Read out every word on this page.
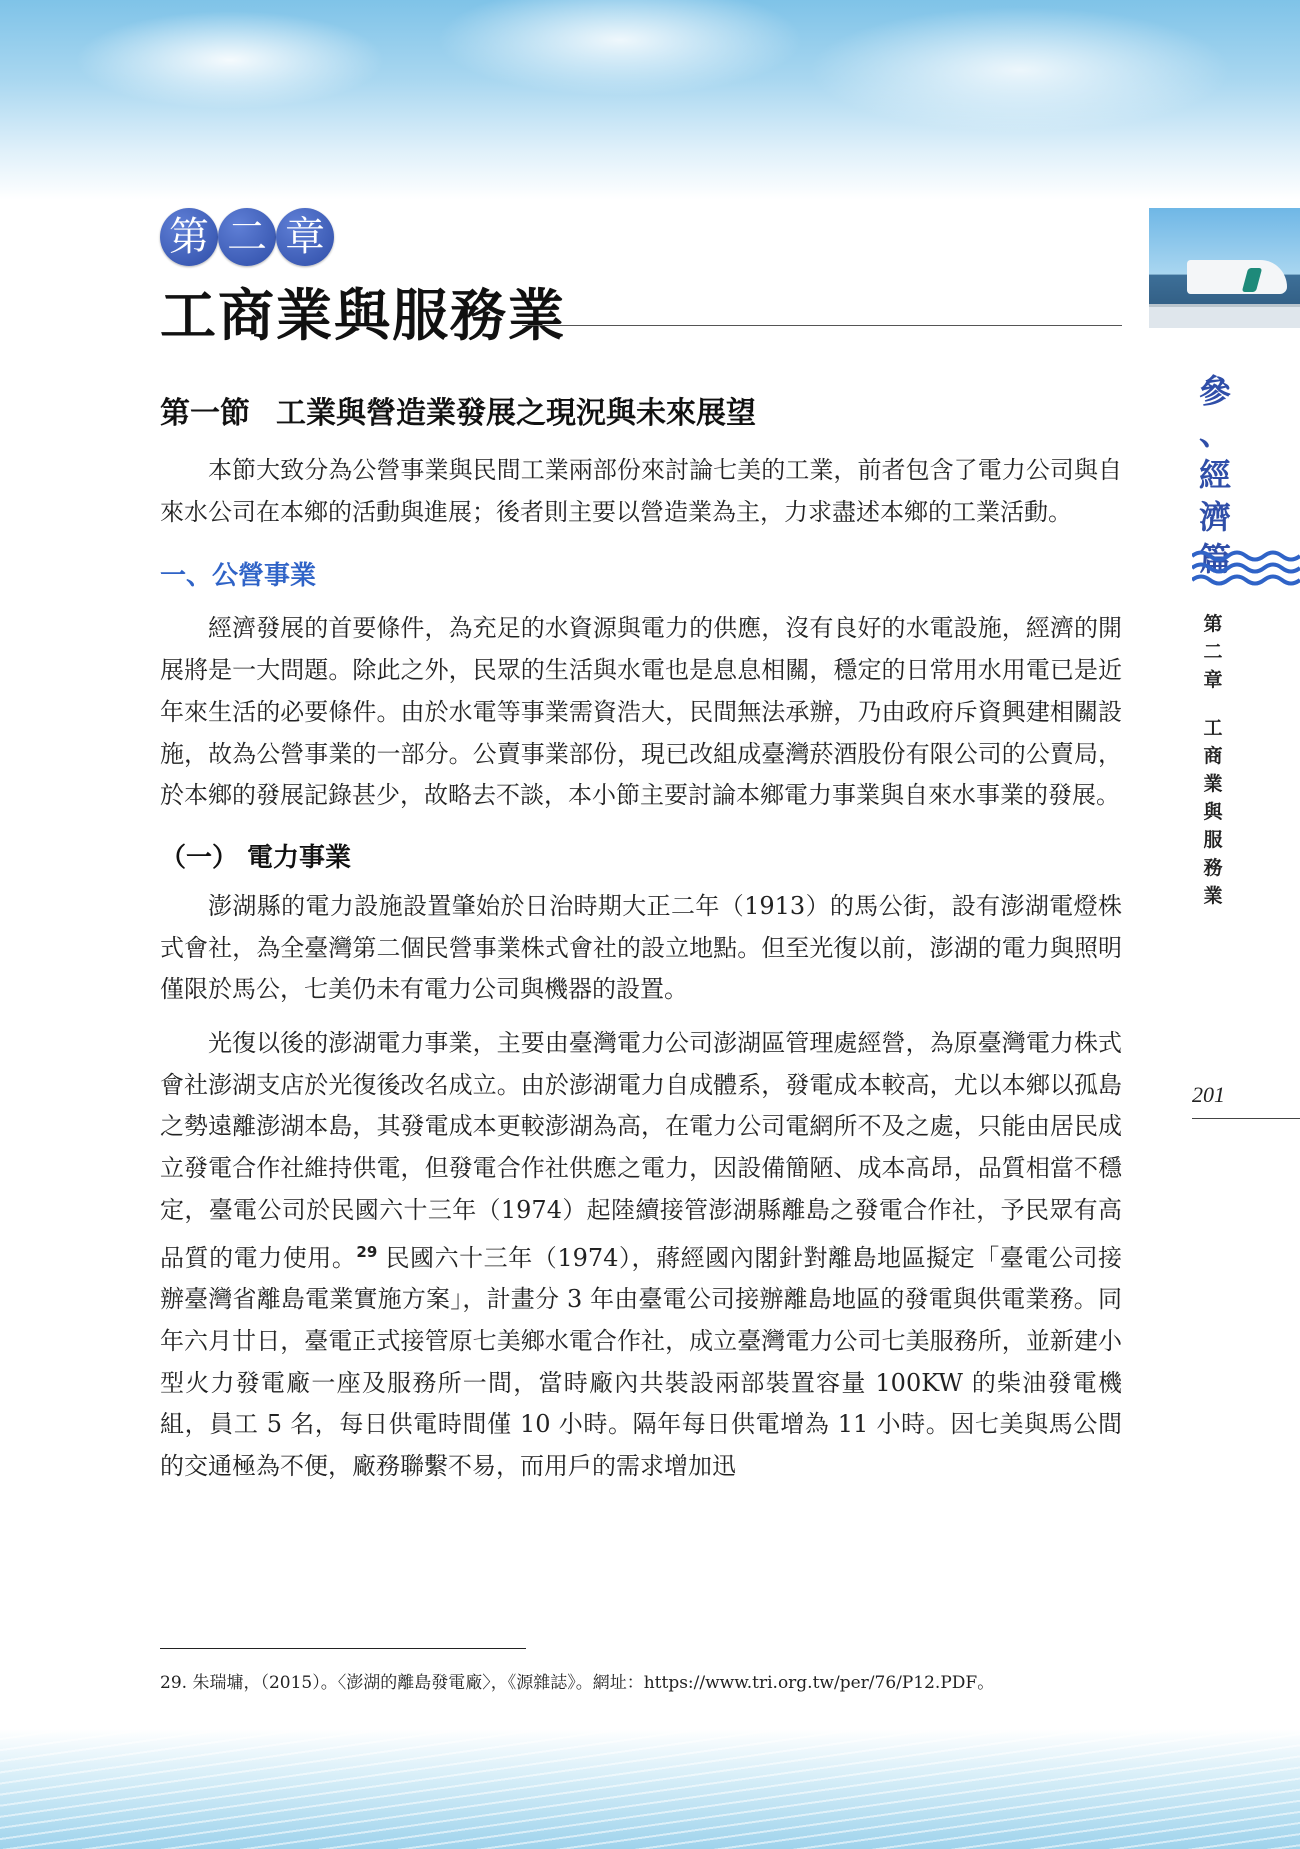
第 二 章
工商業與服務業
參
、
經
濟
篇
第
二
章
工
商
業
與
服
務
業
201
第一節 工業與營造業發展之現況與未來展望

本節大致分為公營事業與民間工業兩部份來討論七美的工業，前者包含了電力公司與自來水公司在本鄉的活動與進展；後者則主要以營造業為主，力求盡述本鄉的工業活動。

一、公營事業

經濟發展的首要條件，為充足的水資源與電力的供應，沒有良好的水電設施，經濟的開展將是一大問題。除此之外，民眾的生活與水電也是息息相關，穩定的日常用水用電已是近年來生活的必要條件。由於水電等事業需資浩大，民間無法承辦，乃由政府斥資興建相關設施，故為公營事業的一部分。公賣事業部份，現已改組成臺灣菸酒股份有限公司的公賣局，於本鄉的發展記錄甚少，故略去不談，本小節主要討論本鄉電力事業與自來水事業的發展。

（一） 電力事業

澎湖縣的電力設施設置肇始於日治時期大正二年（1913）的馬公街，設有澎湖電燈株式會社，為全臺灣第二個民營事業株式會社的設立地點。但至光復以前，澎湖的電力與照明僅限於馬公，七美仍未有電力公司與機器的設置。

光復以後的澎湖電力事業，主要由臺灣電力公司澎湖區管理處經營，為原臺灣電力株式會社澎湖支店於光復後改名成立。由於澎湖電力自成體系，發電成本較高，尤以本鄉以孤島之勢遠離澎湖本島，其發電成本更較澎湖為高，在電力公司電網所不及之處，只能由居民成立發電合作社維持供電，但發電合作社供應之電力，因設備簡陋、成本高昂，品質相當不穩定，臺電公司於民國六十三年（1974）起陸續接管澎湖縣離島之發電合作社，予民眾有高品質的電力使用。$^{29}$ 民國六十三年（1974），蔣經國內閣針對離島地區擬定「臺電公司接辦臺灣省離島電業實施方案」，計畫分 3 年由臺電公司接辦離島地區的發電與供電業務。同年六月廿日，臺電正式接管原七美鄉水電合作社，成立臺灣電力公司七美服務所，並新建小型火力發電廠一座及服務所一間，當時廠內共裝設兩部裝置容量 100KW 的柴油發電機組，員工 5 名，每日供電時間僅 10 小時。隔年每日供電增為 11 小時。因七美與馬公間的交通極為不便，廠務聯繫不易，而用戶的需求增加迅

29. 朱瑞墉，（2015）。〈澎湖的離島發電廠〉，《源雜誌》。網址：https://www.tri.org.tw/per/76/P12.PDF。
